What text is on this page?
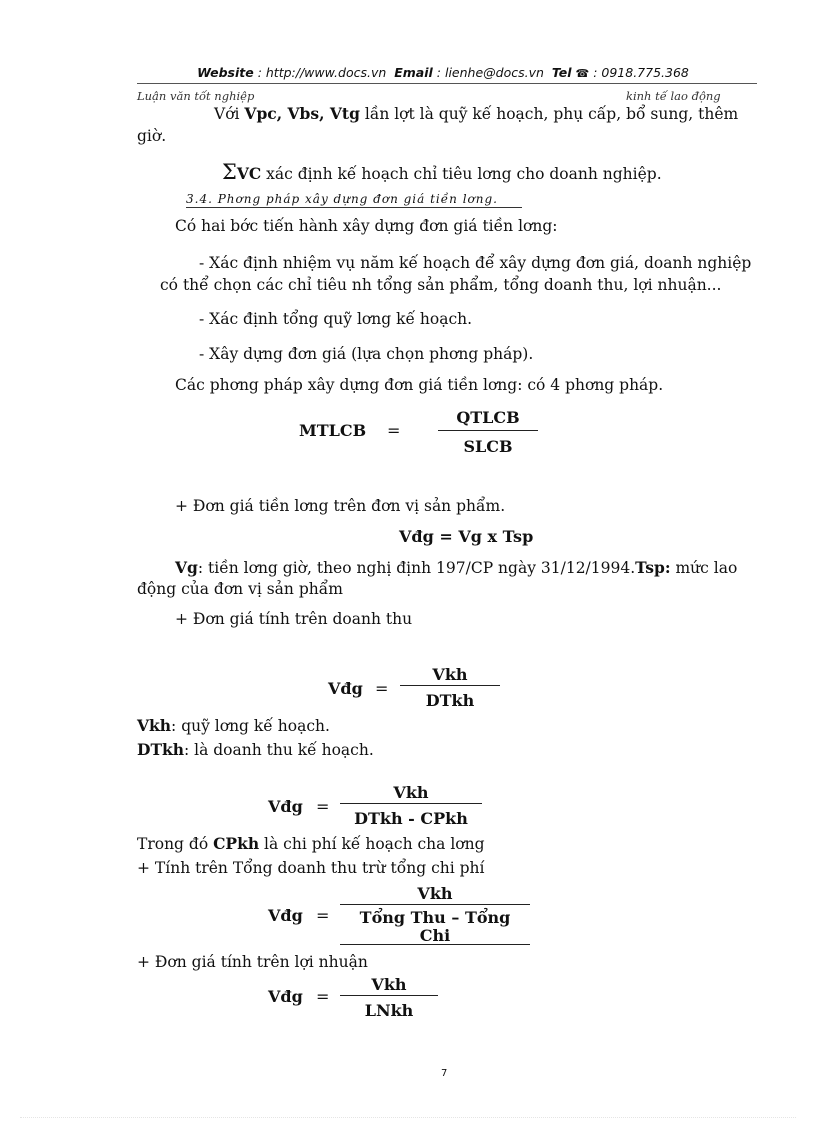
Website : http://www.docs.vn Email : lienhe@docs.vn Tel ☎ : 0918.775.368
Luận văn tốt nghiệp	kinh tế lao động
Với Vpc, Vbs, Vtg lần lợt là quỹ kế hoạch, phụ cấp, bổ sung, thêm
giờ.
ΣVC xác định kế hoạch chỉ tiêu lơng cho doanh nghiệp.
3.4. Phơng pháp xây dựng đơn giá tiền lơng.
Có hai bớc tiến hành xây dựng đơn giá tiền lơng:
- Xác định nhiệm vụ năm kế hoạch để xây dựng đơn giá, doanh nghiệp
có thể chọn các chỉ tiêu nh tổng sản phẩm, tổng doanh thu, lợi nhuận...
- Xác định tổng quỹ lơng kế hoạch.
- Xây dựng đơn giá (lựa chọn phơng pháp).
Các phơng pháp xây dựng đơn giá tiền lơng: có 4 phơng pháp.
MTLCB =
QTLCB
SLCB
+ Đơn giá tiền lơng trên đơn vị sản phẩm.
Vđg = Vg x Tsp
Vg: tiền lơng giờ, theo nghị định 197/CP ngày 31/12/1994.Tsp: mức lao
động của đơn vị sản phẩm
+ Đơn giá tính trên doanh thu
Vđg =
Vkh
DTkh
Vkh: quỹ lơng kế hoạch.
DTkh: là doanh thu kế hoạch.
Vđg =
Vkh
DTkh - CPkh
Trong đó CPkh là chi phí kế hoạch cha lơng
+ Tính trên Tổng doanh thu trừ tổng chi phí
Vđg =
Vkh
Tổng Thu – Tổng
Chi
+ Đơn giá tính trên lợi nhuận
Vđg =
Vkh
LNkh
7
